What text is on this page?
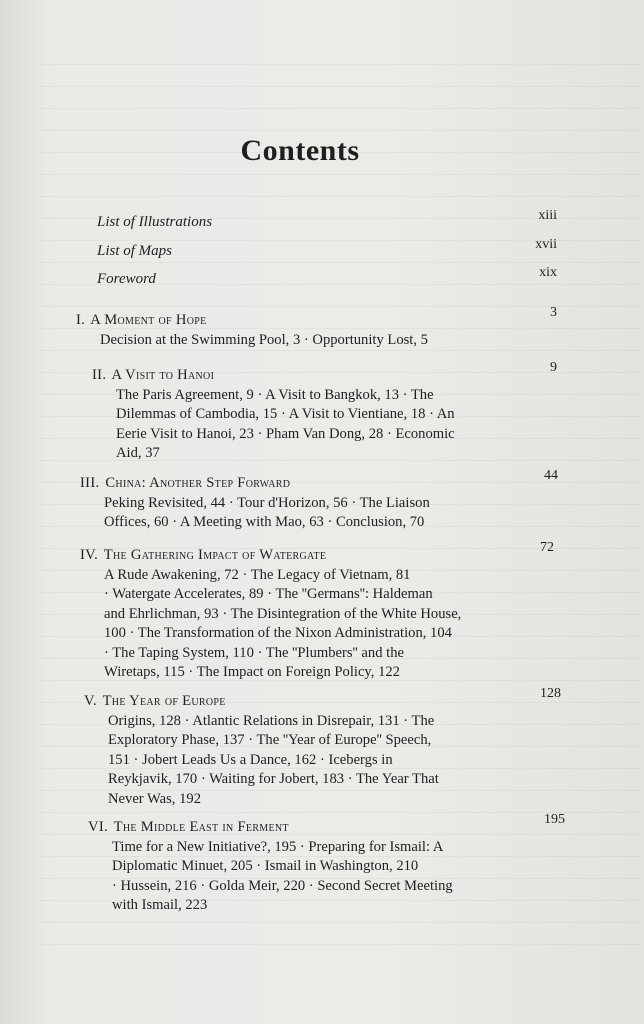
Contents
List of Illustrations	xiii
List of Maps	xvii
Foreword	xix
I. A Moment of Hope	3
Decision at the Swimming Pool, 3 · Opportunity Lost, 5
II. A Visit to Hanoi	9
The Paris Agreement, 9 · A Visit to Bangkok, 13 · The
Dilemmas of Cambodia, 15 · A Visit to Vientiane, 18 · An
Eerie Visit to Hanoi, 23 · Pham Van Dong, 28 · Economic
Aid, 37
III. China: Another Step Forward	44
Peking Revisited, 44 · Tour d'Horizon, 56 · The Liaison
Offices, 60 · A Meeting with Mao, 63 · Conclusion, 70
IV. The Gathering Impact of Watergate	72
A Rude Awakening, 72 · The Legacy of Vietnam, 81
· Watergate Accelerates, 89 · The ''Germans'': Haldeman
and Ehrlichman, 93 · The Disintegration of the White House,
100 · The Transformation of the Nixon Administration, 104
· The Taping System, 110 · The ''Plumbers'' and the
Wiretaps, 115 · The Impact on Foreign Policy, 122
V. The Year of Europe	128
Origins, 128 · Atlantic Relations in Disrepair, 131 · The
Exploratory Phase, 137 · The ''Year of Europe'' Speech,
151 · Jobert Leads Us a Dance, 162 · Icebergs in
Reykjavik, 170 · Waiting for Jobert, 183 · The Year That
Never Was, 192
VI. The Middle East in Ferment	195
Time for a New Initiative?, 195 · Preparing for Ismail: A
Diplomatic Minuet, 205 · Ismail in Washington, 210
· Hussein, 216 · Golda Meir, 220 · Second Secret Meeting
with Ismail, 223
